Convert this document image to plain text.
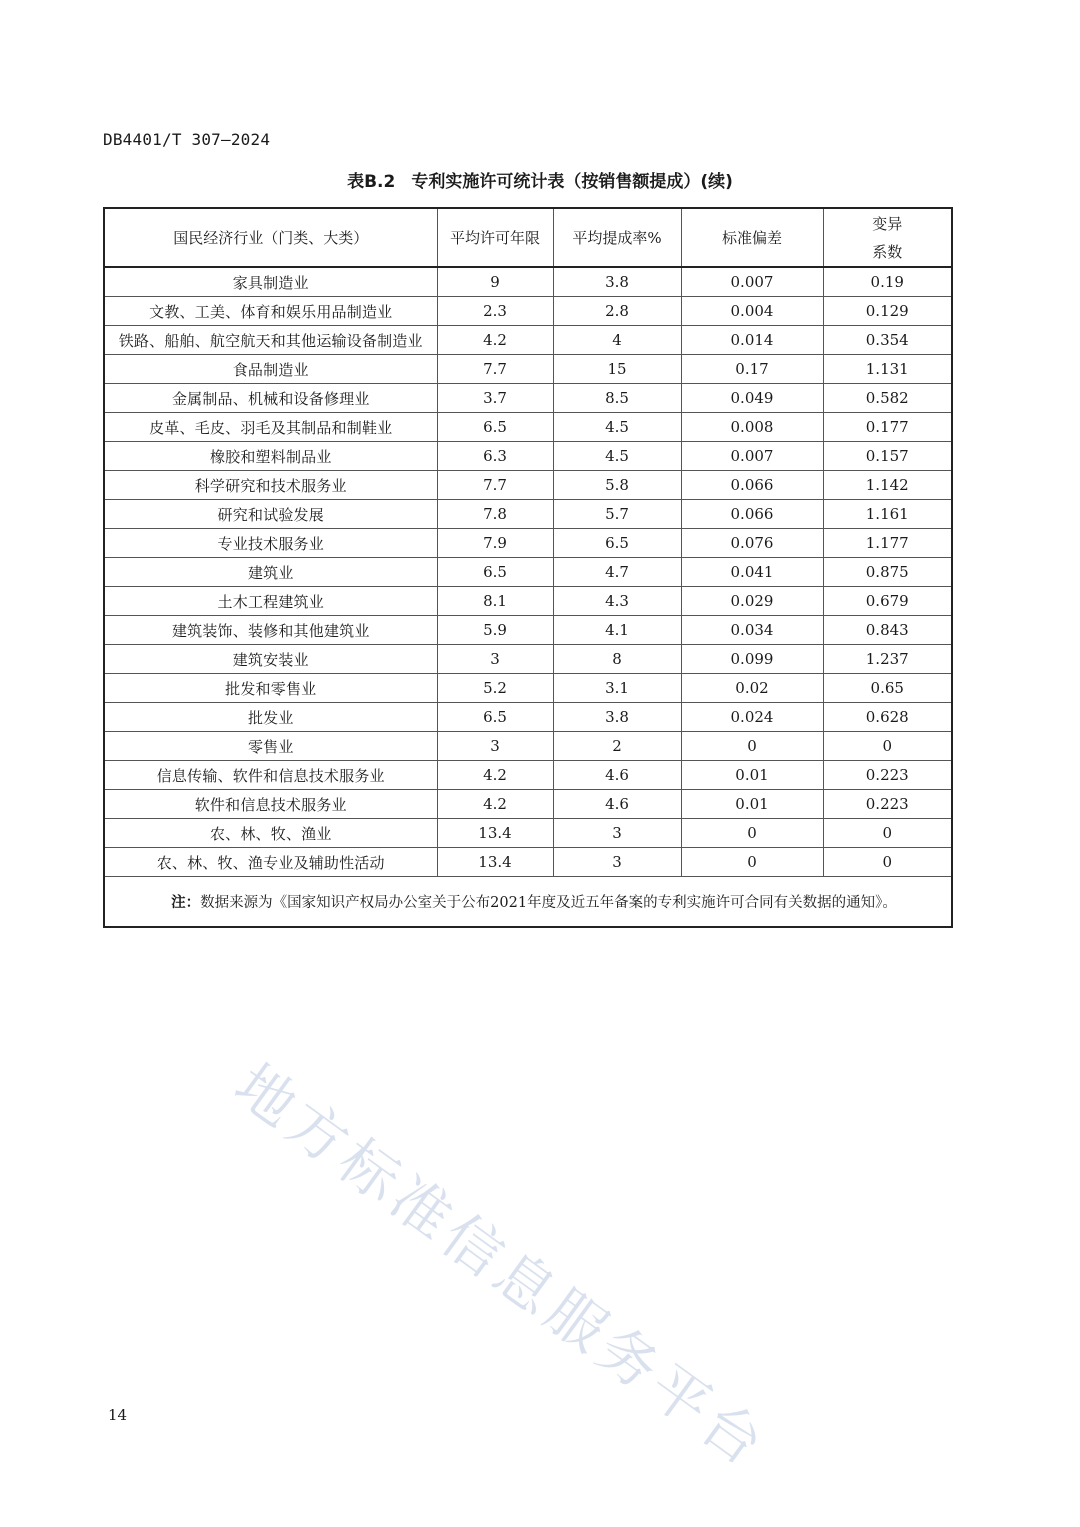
DB4401/T 307—2024
表B.2 专利实施许可统计表（按销售额提成）(续)
国民经济行业（门类、大类）	平均许可年限	平均提成率%	标准偏差	变异
系数
家具制造业	9	3.8	0.007	0.19
文教、工美、体育和娱乐用品制造业	2.3	2.8	0.004	0.129
铁路、船舶、航空航天和其他运输设备制造业	4.2	4	0.014	0.354
食品制造业	7.7	15	0.17	1.131
金属制品、机械和设备修理业	3.7	8.5	0.049	0.582
皮革、毛皮、羽毛及其制品和制鞋业	6.5	4.5	0.008	0.177
橡胶和塑料制品业	6.3	4.5	0.007	0.157
科学研究和技术服务业	7.7	5.8	0.066	1.142
研究和试验发展	7.8	5.7	0.066	1.161
专业技术服务业	7.9	6.5	0.076	1.177
建筑业	6.5	4.7	0.041	0.875
土木工程建筑业	8.1	4.3	0.029	0.679
建筑装饰、装修和其他建筑业	5.9	4.1	0.034	0.843
建筑安装业	3	8	0.099	1.237
批发和零售业	5.2	3.1	0.02	0.65
批发业	6.5	3.8	0.024	0.628
零售业	3	2	0	0
信息传输、软件和信息技术服务业	4.2	4.6	0.01	0.223
软件和信息技术服务业	4.2	4.6	0.01	0.223
农、林、牧、渔业	13.4	3	0	0
农、林、牧、渔专业及辅助性活动	13.4	3	0	0
注：数据来源为《国家知识产权局办公室关于公布2021年度及近五年备案的专利实施许可合同有关数据的通知》。				
地方标准信息服务平台
14
